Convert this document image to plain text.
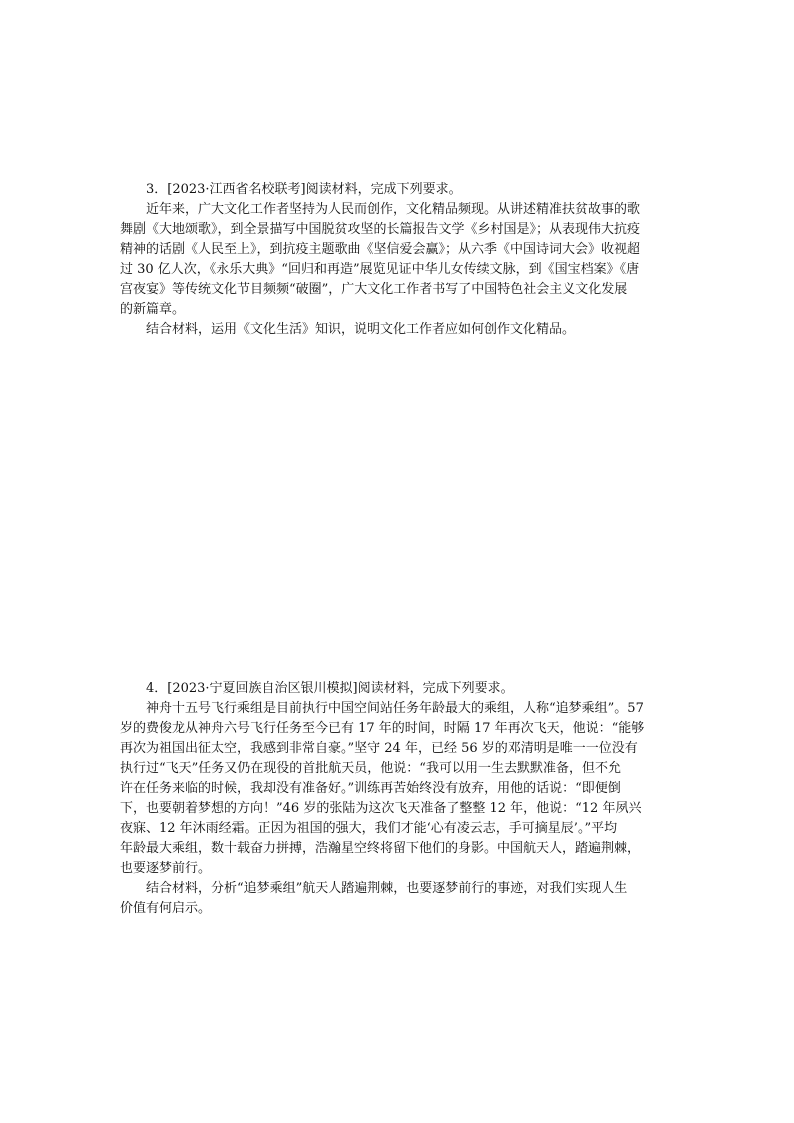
3．[2023·江西省名校联考]阅读材料，完成下列要求。
近年来，广大文化工作者坚持为人民而创作，文化精品频现。从讲述精准扶贫故事的歌
舞剧《大地颂歌》，到全景描写中国脱贫攻坚的长篇报告文学《乡村国是》；从表现伟大抗疫
精神的话剧《人民至上》，到抗疫主题歌曲《坚信爱会赢》；从六季《中国诗词大会》收视超
过 30 亿人次，《永乐大典》“回归和再造”展览见证中华儿女传续文脉，到《国宝档案》《唐
宫夜宴》等传统文化节目频频“破圈”，广大文化工作者书写了中国特色社会主义文化发展
的新篇章。
结合材料，运用《文化生活》知识，说明文化工作者应如何创作文化精品。
4．[2023·宁夏回族自治区银川模拟]阅读材料，完成下列要求。
神舟十五号飞行乘组是目前执行中国空间站任务年龄最大的乘组，人称“追梦乘组”。57
岁的费俊龙从神舟六号飞行任务至今已有 17 年的时间，时隔 17 年再次飞天，他说：“能够
再次为祖国出征太空，我感到非常自豪。”坚守 24 年，已经 56 岁的邓清明是唯一一位没有
执行过“飞天”任务又仍在现役的首批航天员，他说：“我可以用一生去默默准备，但不允
许在任务来临的时候，我却没有准备好。”训练再苦始终没有放弃，用他的话说：“即便倒
下，也要朝着梦想的方向！”46 岁的张陆为这次飞天准备了整整 12 年，他说：“12 年夙兴
夜寐、12 年沐雨经霜。正因为祖国的强大，我们才能‘心有凌云志，手可摘星辰’。”平均
年龄最大乘组，数十载奋力拼搏，浩瀚星空终将留下他们的身影。中国航天人，踏遍荆棘，
也要逐梦前行。
结合材料，分析“追梦乘组”航天人踏遍荆棘，也要逐梦前行的事迹，对我们实现人生
价值有何启示。
